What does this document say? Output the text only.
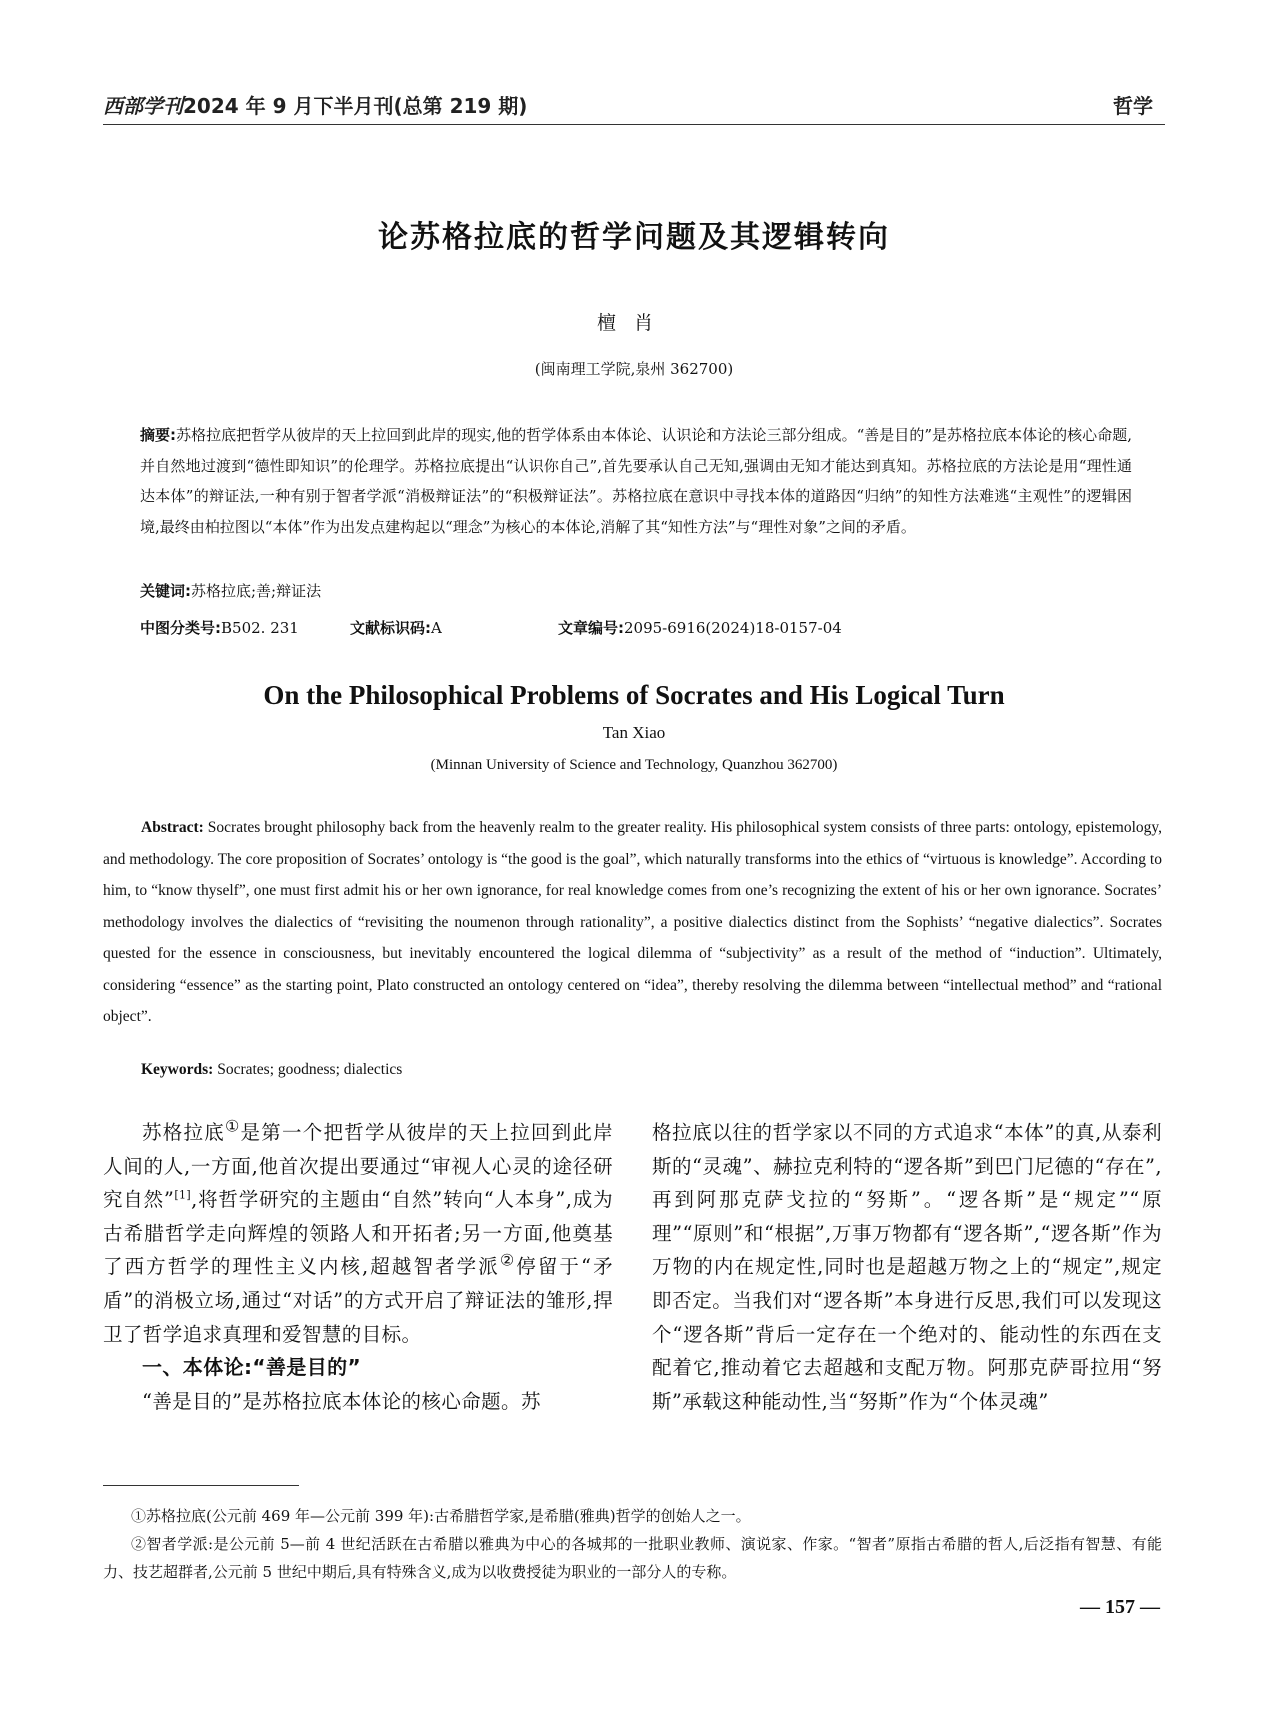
西部学刊2024 年 9 月下半月刊(总第 219 期)	哲学
论苏格拉底的哲学问题及其逻辑转向
檀肖
(闽南理工学院,泉州 362700)
摘要:苏格拉底把哲学从彼岸的天上拉回到此岸的现实,他的哲学体系由本体论、认识论和方法论三部分组成。“善是目的”是苏格拉底本体论的核心命题,并自然地过渡到“德性即知识”的伦理学。苏格拉底提出“认识你自己”,首先要承认自己无知,强调由无知才能达到真知。苏格拉底的方法论是用“理性通达本体”的辩证法,一种有别于智者学派“消极辩证法”的“积极辩证法”。苏格拉底在意识中寻找本体的道路因“归纳”的知性方法难逃“主观性”的逻辑困境,最终由柏拉图以“本体”作为出发点建构起以“理念”为核心的本体论,消解了其“知性方法”与“理性对象”之间的矛盾。
关键词:苏格拉底;善;辩证法
中图分类号:B502. 231	文献标识码:A	文章编号:2095-6916(2024)18-0157-04
On the Philosophical Problems of Socrates and His Logical Turn
Tan Xiao
(Minnan University of Science and Technology, Quanzhou 362700)
Abstract: Socrates brought philosophy back from the heavenly realm to the greater reality. His philosophical system consists of three parts: ontology, epistemology, and methodology. The core proposition of Socrates’ ontology is “the good is the goal”, which naturally transforms into the ethics of “virtuous is knowledge”. According to him, to “know thyself”, one must first admit his or her own ignorance, for real knowledge comes from one’s recognizing the extent of his or her own ignorance. Socrates’ methodology involves the dialectics of “revisiting the noumenon through rationality”, a positive dialectics distinct from the Sophists’ “negative dialectics”. Socrates quested for the essence in consciousness, but inevitably encountered the logical dilemma of “subjectivity” as a result of the method of “induction”. Ultimately, considering “essence” as the starting point, Plato constructed an ontology centered on “idea”, thereby resolving the dilemma between “intellectual method” and “rational object”.
Keywords: Socrates; goodness; dialectics

苏格拉底①是第一个把哲学从彼岸的天上拉回到此岸人间的人,一方面,他首次提出要通过“审视人心灵的途径研究自然”[1],将哲学研究的主题由“自然”转向“人本身”,成为古希腊哲学走向辉煌的领路人和开拓者;另一方面,他奠基了西方哲学的理性主义内核,超越智者学派②停留于“矛盾”的消极立场,通过“对话”的方式开启了辩证法的雏形,捍卫了哲学追求真理和爱智慧的目标。

一、本体论:“善是目的”

“善是目的”是苏格拉底本体论的核心命题。苏

格拉底以往的哲学家以不同的方式追求“本体”的真,从泰利斯的“灵魂”、赫拉克利特的“逻各斯”到巴门尼德的“存在”,再到阿那克萨戈拉的“努斯”。“逻各斯”是“规定”“原理”“原则”和“根据”,万事万物都有“逻各斯”,“逻各斯”作为万物的内在规定性,同时也是超越万物之上的“规定”,规定即否定。当我们对“逻各斯”本身进行反思,我们可以发现这个“逻各斯”背后一定存在一个绝对的、能动性的东西在支配着它,推动着它去超越和支配万物。阿那克萨哥拉用“努斯”承载这种能动性,当“努斯”作为“个体灵魂”

①苏格拉底(公元前 469 年—公元前 399 年):古希腊哲学家,是希腊(雅典)哲学的创始人之一。

②智者学派:是公元前 5—前 4 世纪活跃在古希腊以雅典为中心的各城邦的一批职业教师、演说家、作家。“智者”原指古希腊的哲人,后泛指有智慧、有能力、技艺超群者,公元前 5 世纪中期后,具有特殊含义,成为以收费授徒为职业的一部分人的专称。

— 157 —
